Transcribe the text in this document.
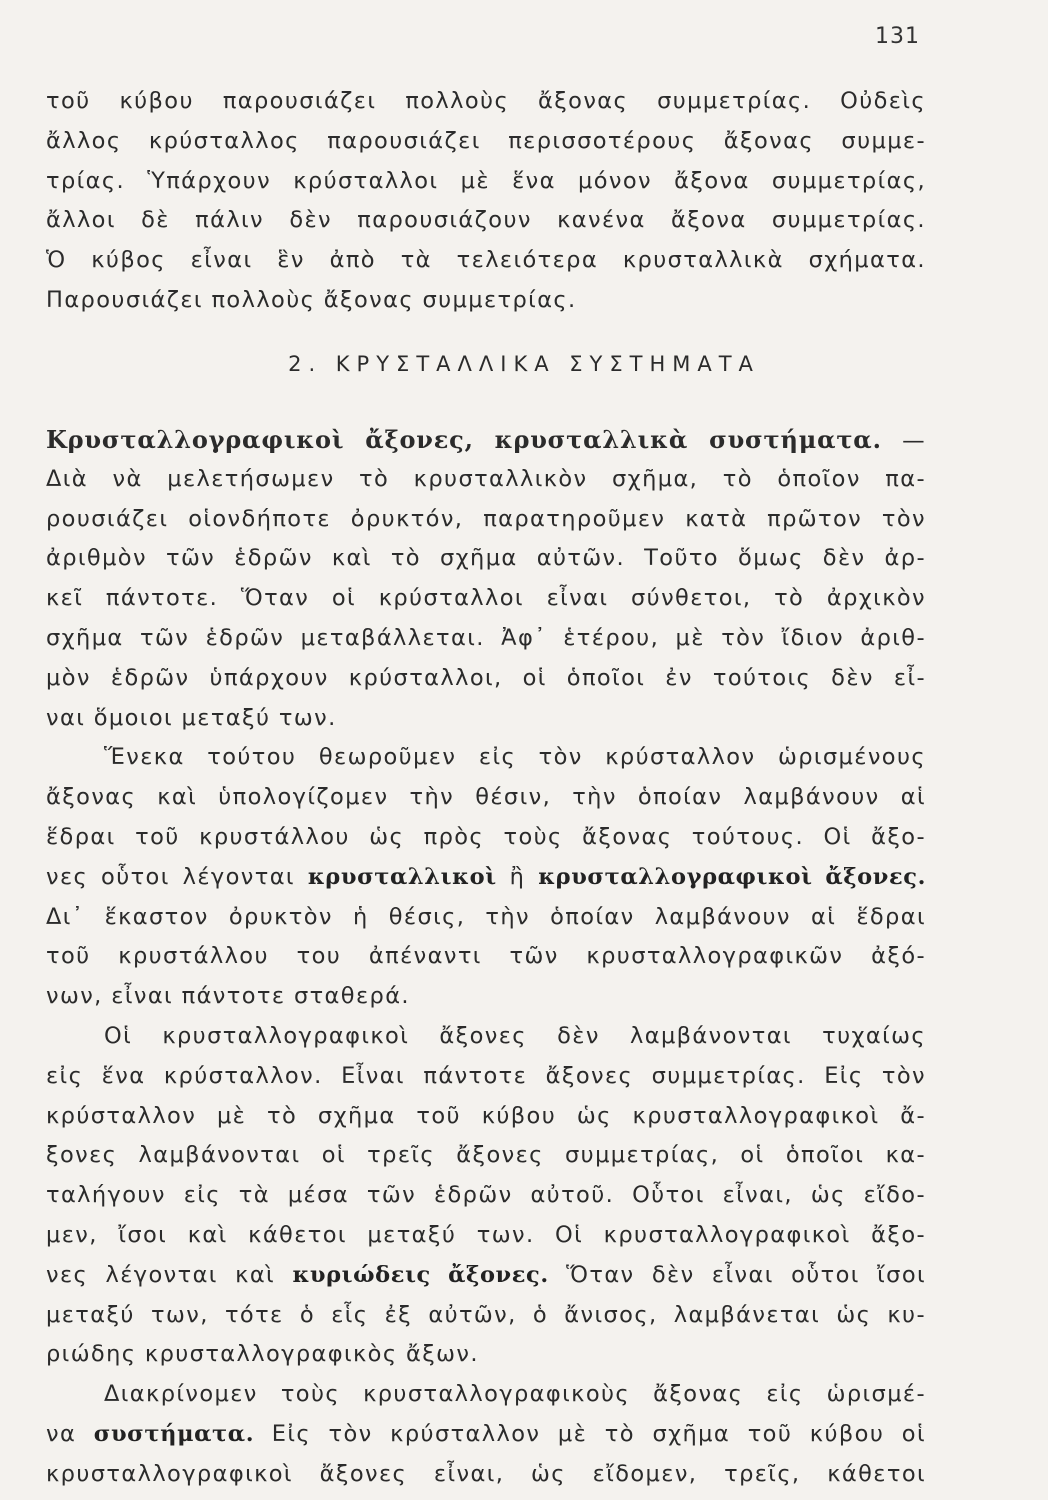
131
τοῦ κύβου παρουσιάζει πολλοὺς ἄξονας συμμετρίας. Οὐδεὶς
ἄλλος κρύσταλλος παρουσιάζει περισσοτέρους ἄξονας συμμε-
τρίας. Ὑπάρχουν κρύσταλλοι μὲ ἕνα μόνον ἄξονα συμμετρίας,
ἄλλοι δὲ πάλιν δὲν παρουσιάζουν κανένα ἄξονα συμμετρίας.
Ὁ κύβος εἶναι ἓν ἀπὸ τὰ τελειότερα κρυσταλλικὰ σχήματα.
Παρουσιάζει πολλοὺς ἄξονας συμμετρίας.
2. ΚΡΥΣΤΑΛΛΙΚΑ ΣΥΣΤΗΜΑΤΑ
Κρυσταλλογραφικοὶ ἄξονες, κρυσταλλικὰ συστήματα. —
Διὰ νὰ μελετήσωμεν τὸ κρυσταλλικὸν σχῆμα, τὸ ὁποῖον πα-
ρουσιάζει οἱονδήποτε ὀρυκτόν, παρατηροῦμεν κατὰ πρῶτον τὸν
ἀριθμὸν τῶν ἑδρῶν καὶ τὸ σχῆμα αὐτῶν. Τοῦτο ὅμως δὲν ἀρ-
κεῖ πάντοτε. Ὅταν οἱ κρύσταλλοι εἶναι σύνθετοι, τὸ ἀρχικὸν
σχῆμα τῶν ἑδρῶν μεταβάλλεται. Ἀφ᾽ ἑτέρου, μὲ τὸν ἴδιον ἀριθ-
μὸν ἑδρῶν ὑπάρχουν κρύσταλλοι, οἱ ὁποῖοι ἐν τούτοις δὲν εἶ-
ναι ὅμοιοι μεταξύ των.
Ἕνεκα τούτου θεωροῦμεν εἰς τὸν κρύσταλλον ὡρισμένους
ἄξονας καὶ ὑπολογίζομεν τὴν θέσιν, τὴν ὁποίαν λαμβάνουν αἱ
ἕδραι τοῦ κρυστάλλου ὡς πρὸς τοὺς ἄξονας τούτους. Οἱ ἄξο-
νες οὗτοι λέγονται κρυσταλλικοὶ ἢ κρυσταλλογραφικοὶ ἄξονες.
Δι᾽ ἕκαστον ὀρυκτὸν ἡ θέσις, τὴν ὁποίαν λαμβάνουν αἱ ἕδραι
τοῦ κρυστάλλου του ἀπέναντι τῶν κρυσταλλογραφικῶν ἀξό-
νων, εἶναι πάντοτε σταθερά.
Οἱ κρυσταλλογραφικοὶ ἄξονες δὲν λαμβάνονται τυχαίως
εἰς ἕνα κρύσταλλον. Εἶναι πάντοτε ἄξονες συμμετρίας. Εἰς τὸν
κρύσταλλον μὲ τὸ σχῆμα τοῦ κύβου ὡς κρυσταλλογραφικοὶ ἄ-
ξονες λαμβάνονται οἱ τρεῖς ἄξονες συμμετρίας, οἱ ὁποῖοι κα-
ταλήγουν εἰς τὰ μέσα τῶν ἑδρῶν αὐτοῦ. Οὗτοι εἶναι, ὡς εἴδο-
μεν, ἴσοι καὶ κάθετοι μεταξύ των. Οἱ κρυσταλλογραφικοὶ ἄξο-
νες λέγονται καὶ κυριώδεις ἄξονες. Ὅταν δὲν εἶναι οὗτοι ἴσοι
μεταξύ των, τότε ὁ εἷς ἐξ αὐτῶν, ὁ ἄνισος, λαμβάνεται ὡς κυ-
ριώδης κρυσταλλογραφικὸς ἄξων.
Διακρίνομεν τοὺς κρυσταλλογραφικοὺς ἄξονας εἰς ὡρισμέ-
να συστήματα. Εἰς τὸν κρύσταλλον μὲ τὸ σχῆμα τοῦ κύβου οἱ
κρυσταλλογραφικοὶ ἄξονες εἶναι, ὡς εἴδομεν, τρεῖς, κάθετοι
